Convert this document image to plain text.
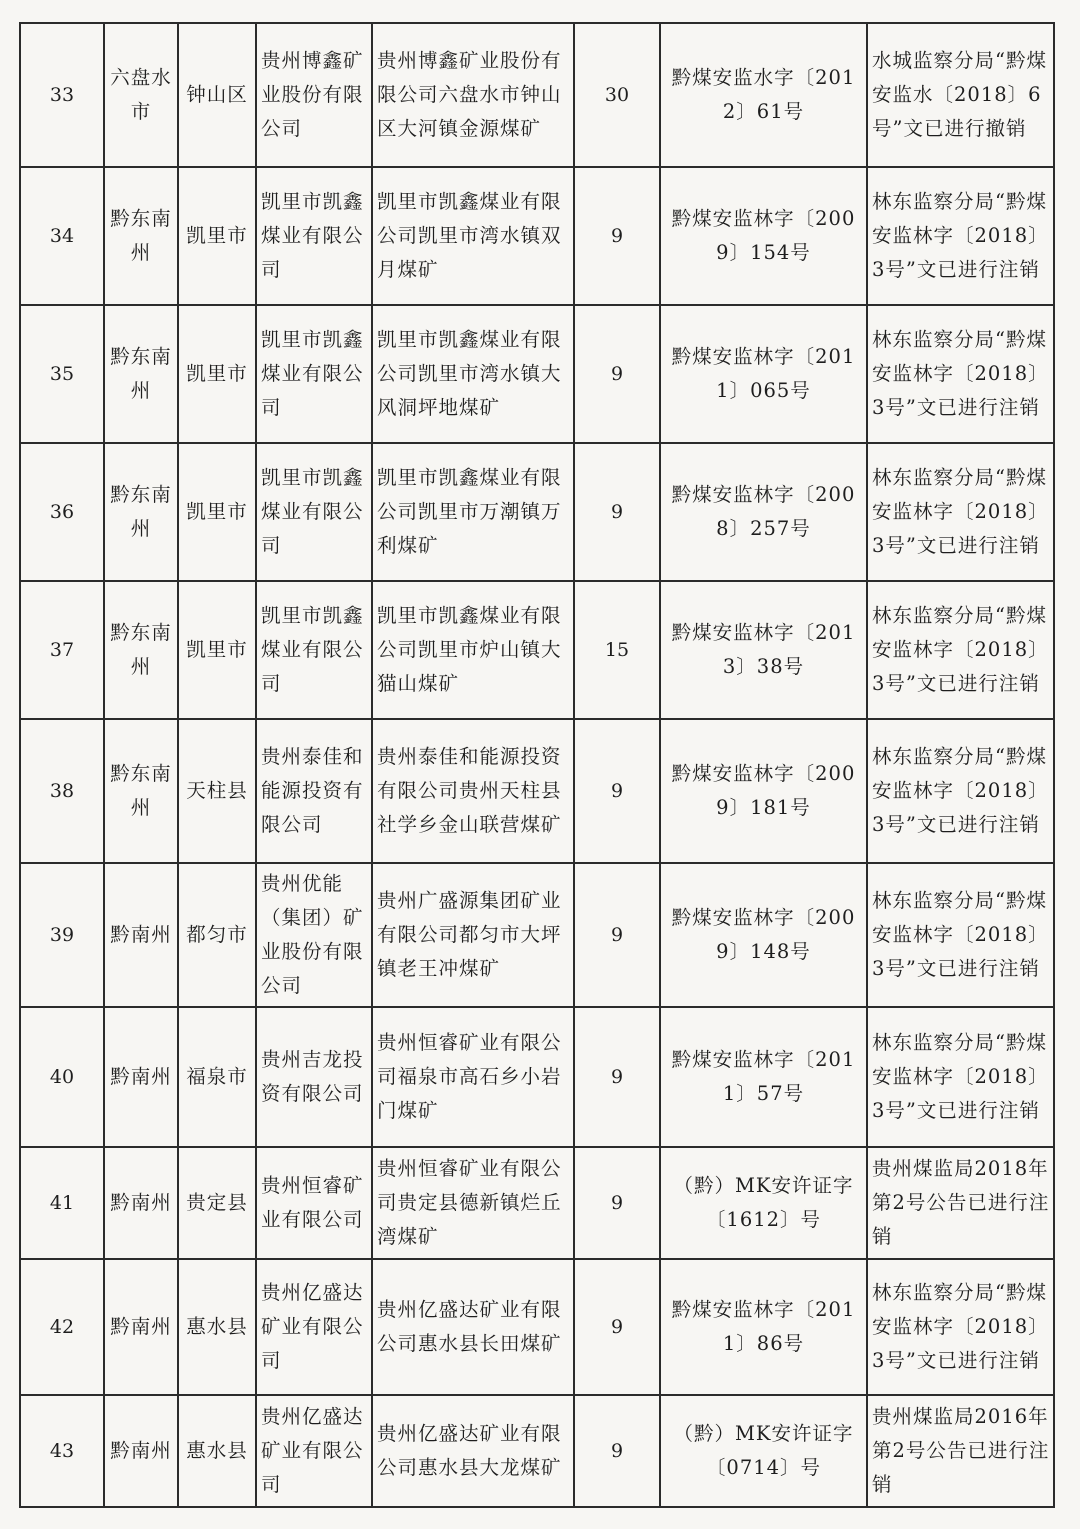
33	六盘水市	钟山区	贵州博鑫矿业股份有限公司	贵州博鑫矿业股份有限公司六盘水市钟山区大河镇金源煤矿	30	黔煤安监水字〔2012〕61号	水城监察分局“黔煤安监水〔2018〕6号”文已进行撤销
34	黔东南州	凯里市	凯里市凯鑫煤业有限公司	凯里市凯鑫煤业有限公司凯里市湾水镇双月煤矿	9	黔煤安监林字〔2009〕154号	林东监察分局“黔煤安监林字〔2018〕3号”文已进行注销
35	黔东南州	凯里市	凯里市凯鑫煤业有限公司	凯里市凯鑫煤业有限公司凯里市湾水镇大风洞坪地煤矿	9	黔煤安监林字〔2011〕065号	林东监察分局“黔煤安监林字〔2018〕3号”文已进行注销
36	黔东南州	凯里市	凯里市凯鑫煤业有限公司	凯里市凯鑫煤业有限公司凯里市万潮镇万利煤矿	9	黔煤安监林字〔2008〕257号	林东监察分局“黔煤安监林字〔2018〕3号”文已进行注销
37	黔东南州	凯里市	凯里市凯鑫煤业有限公司	凯里市凯鑫煤业有限公司凯里市炉山镇大猫山煤矿	15	黔煤安监林字〔2013〕38号	林东监察分局“黔煤安监林字〔2018〕3号”文已进行注销
38	黔东南州	天柱县	贵州泰佳和能源投资有限公司	贵州泰佳和能源投资有限公司贵州天柱县社学乡金山联营煤矿	9	黔煤安监林字〔2009〕181号	林东监察分局“黔煤安监林字〔2018〕3号”文已进行注销
39	黔南州	都匀市	贵州优能（集团）矿业股份有限公司	贵州广盛源集团矿业有限公司都匀市大坪镇老王冲煤矿	9	黔煤安监林字〔2009〕148号	林东监察分局“黔煤安监林字〔2018〕3号”文已进行注销
40	黔南州	福泉市	贵州吉龙投资有限公司	贵州恒睿矿业有限公司福泉市高石乡小岩门煤矿	9	黔煤安监林字〔2011〕57号	林东监察分局“黔煤安监林字〔2018〕3号”文已进行注销
41	黔南州	贵定县	贵州恒睿矿业有限公司	贵州恒睿矿业有限公司贵定县德新镇烂丘湾煤矿	9	（黔）MK安许证字〔1612〕号	贵州煤监局2018年第2号公告已进行注销
42	黔南州	惠水县	贵州亿盛达矿业有限公司	贵州亿盛达矿业有限公司惠水县长田煤矿	9	黔煤安监林字〔2011〕86号	林东监察分局“黔煤安监林字〔2018〕3号”文已进行注销
43	黔南州	惠水县	贵州亿盛达矿业有限公司	贵州亿盛达矿业有限公司惠水县大龙煤矿	9	（黔）MK安许证字〔0714〕号	贵州煤监局2016年第2号公告已进行注销
